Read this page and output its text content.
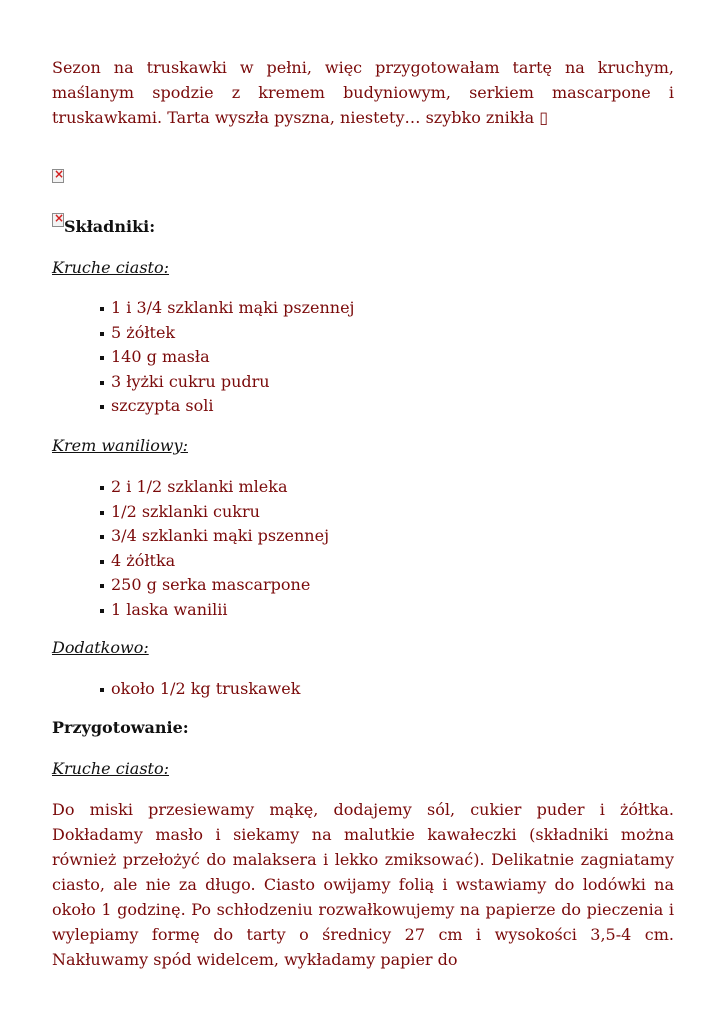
Sezon na truskawki w pełni, więc przygotowałam tartę na kruchym, maślanym spodzie z kremem budyniowym, serkiem mascarpone i truskawkami. Tarta wyszła pyszna, niestety… szybko znikła ▯

×
×
Składniki:
Kruche ciasto:
1 i 3/4 szklanki mąki pszennej
5 żółtek
140 g masła
3 łyżki cukru pudru
szczypta soli
Krem waniliowy:
2 i 1/2 szklanki mleka
1/2 szklanki cukru
3/4 szklanki mąki pszennej
4 żółtka
250 g serka mascarpone
1 laska wanilii
Dodatkowo:
około 1/2 kg truskawek
Przygotowanie:
Kruche ciasto:

Do miski przesiewamy mąkę, dodajemy sól, cukier puder i żółtka. Dokładamy masło i siekamy na malutkie kawałeczki (składniki można również przełożyć do malaksera i lekko zmiksować). Delikatnie zagniatamy ciasto, ale nie za długo. Ciasto owijamy folią i wstawiamy do lodówki na około 1 godzinę. Po schłodzeniu rozwałkowujemy na papierze do pieczenia i wylepiamy formę do tarty o średnicy 27 cm i wysokości 3,5-4 cm. Nakłuwamy spód widelcem, wykładamy papier do
